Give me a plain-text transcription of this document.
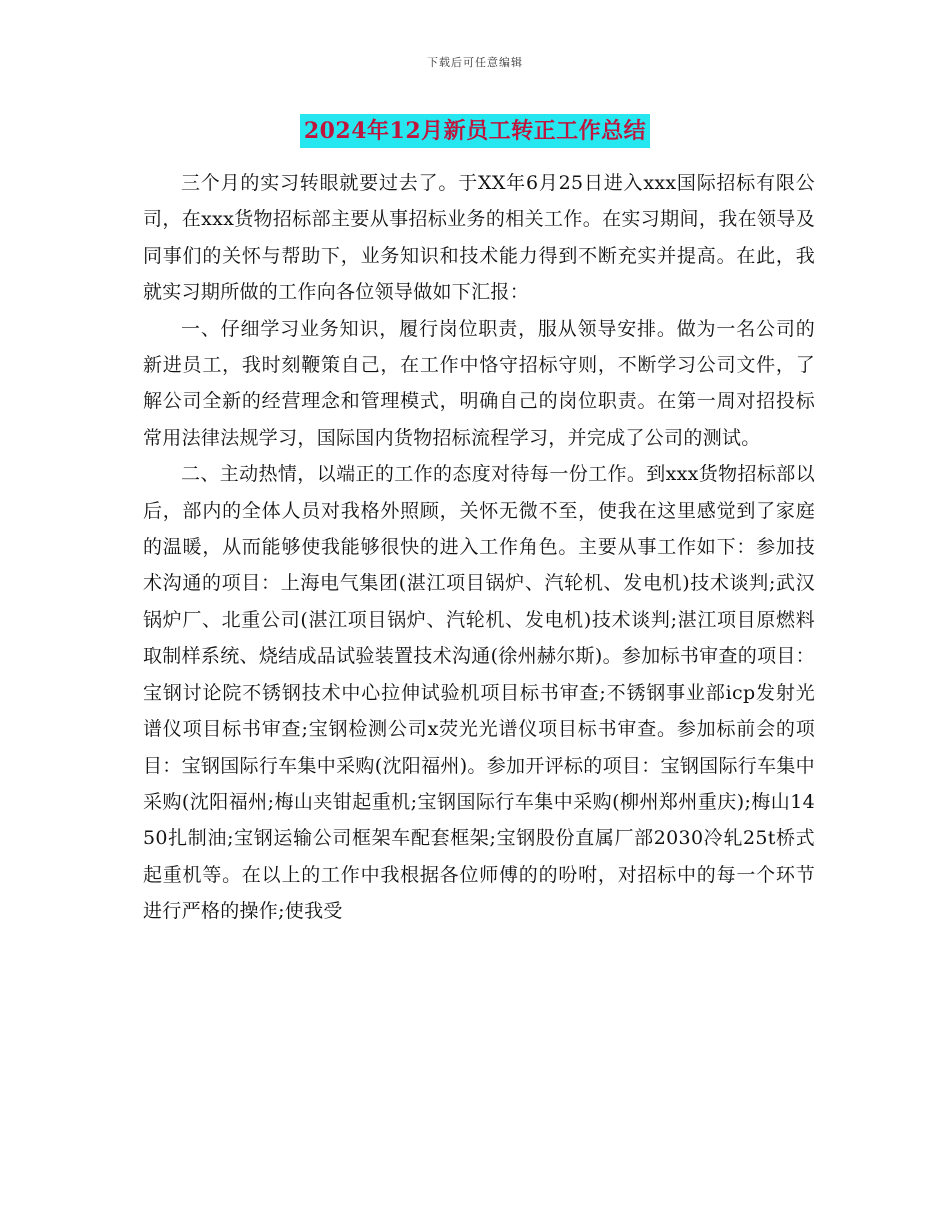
下载后可任意编辑
2024年12月新员工转正工作总结

三个月的实习转眼就要过去了。于XX年6月25日进入xxx国际招标有限公司，在xxx货物招标部主要从事招标业务的相关工作。在实习期间，我在领导及同事们的关怀与帮助下，业务知识和技术能力得到不断充实并提高。在此，我就实习期所做的工作向各位领导做如下汇报：

一、仔细学习业务知识，履行岗位职责，服从领导安排。做为一名公司的新进员工，我时刻鞭策自己，在工作中恪守招标守则，不断学习公司文件，了解公司全新的经营理念和管理模式，明确自己的岗位职责。在第一周对招投标常用法律法规学习，国际国内货物招标流程学习，并完成了公司的测试。

二、主动热情，以端正的工作的态度对待每一份工作。到xxx货物招标部以后，部内的全体人员对我格外照顾，关怀无微不至，使我在这里感觉到了家庭的温暖，从而能够使我能够很快的进入工作角色。主要从事工作如下：参加技术沟通的项目：上海电气集团(湛江项目锅炉、汽轮机、发电机)技术谈判;武汉锅炉厂、北重公司(湛江项目锅炉、汽轮机、发电机)技术谈判;湛江项目原燃料取制样系统、烧结成品试验装置技术沟通(徐州赫尔斯)。参加标书审查的项目：宝钢讨论院不锈钢技术中心拉伸试验机项目标书审查;不锈钢事业部icp发射光谱仪项目标书审查;宝钢检测公司x荧光光谱仪项目标书审查。参加标前会的项目：宝钢国际行车集中采购(沈阳福州)。参加开评标的项目：宝钢国际行车集中采购(沈阳福州;梅山夹钳起重机;宝钢国际行车集中采购(柳州郑州重庆);梅山1450扎制油;宝钢运输公司框架车配套框架;宝钢股份直属厂部2030冷轧25t桥式起重机等。在以上的工作中我根据各位师傅的的吩咐，对招标中的每一个环节进行严格的操作;使我受
